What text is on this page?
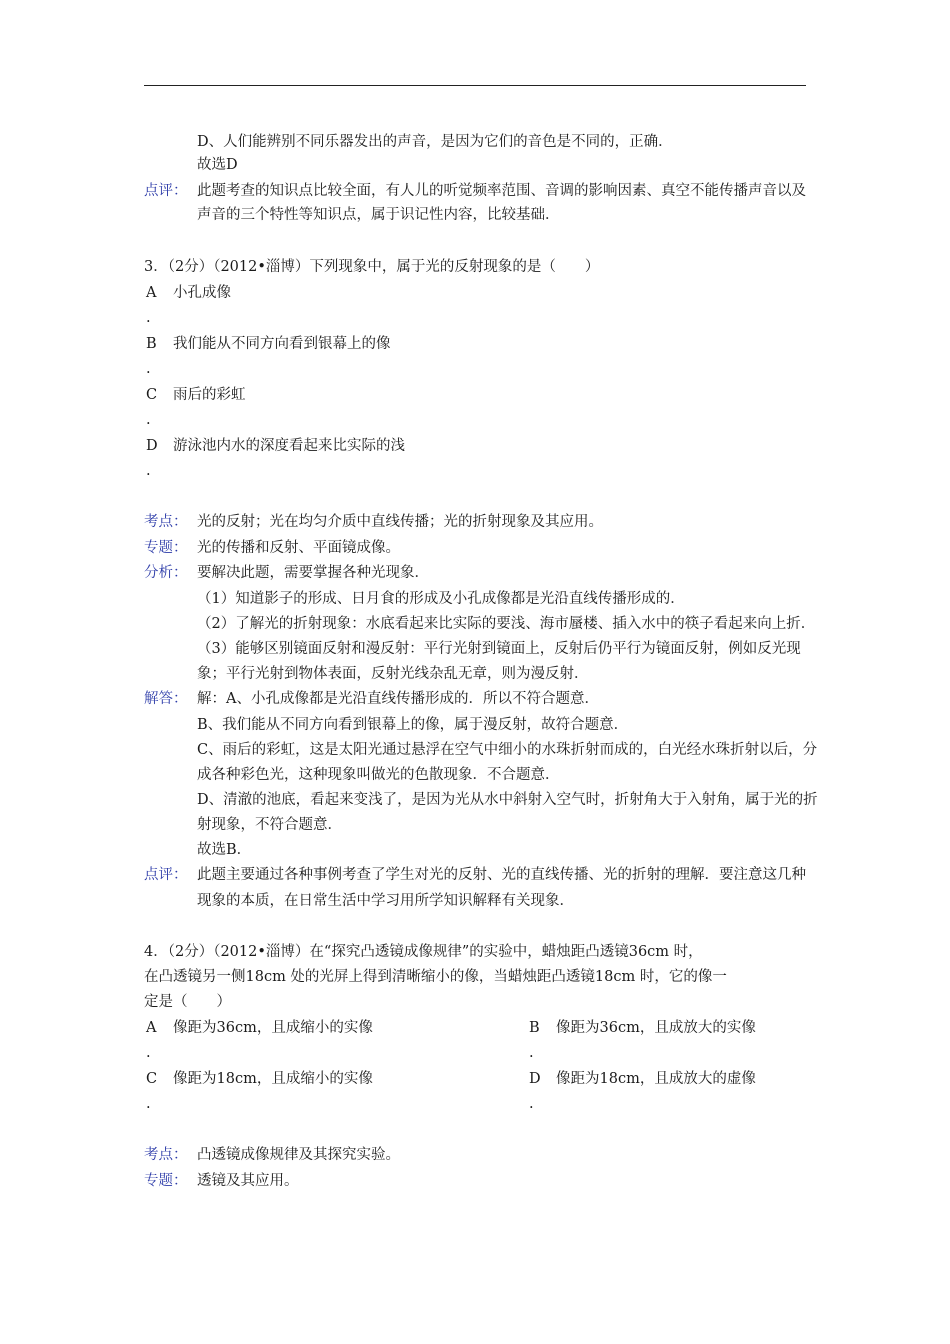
D、人们能辨别不同乐器发出的声音，是因为它们的音色是不同的，正确．
故选D
点评： 此题考查的知识点比较全面，有人儿的听觉频率范围、音调的影响因素、真空不能传播声音以及
声音的三个特性等知识点，属于识记性内容，比较基础．
3．（2分）（2012•淄博）下列现象中，属于光的反射现象的是（　　）
A 小孔成像
.
B 我们能从不同方向看到银幕上的像
.
C 雨后的彩虹
.
D 游泳池内水的深度看起来比实际的浅
.
考点： 光的反射；光在均匀介质中直线传播；光的折射现象及其应用。
专题： 光的传播和反射、平面镜成像。
分析： 要解决此题，需要掌握各种光现象．
（1）知道影子的形成、日月食的形成及小孔成像都是光沿直线传播形成的．
（2）了解光的折射现象：水底看起来比实际的要浅、海市蜃楼、插入水中的筷子看起来向上折．
（3）能够区别镜面反射和漫反射：平行光射到镜面上，反射后仍平行为镜面反射，例如反光现
象；平行光射到物体表面，反射光线杂乱无章，则为漫反射．
解答： 解：A、小孔成像都是光沿直线传播形成的．所以不符合题意．
B、我们能从不同方向看到银幕上的像，属于漫反射，故符合题意．
C、雨后的彩虹，这是太阳光通过悬浮在空气中细小的水珠折射而成的，白光经水珠折射以后，分
成各种彩色光，这种现象叫做光的色散现象．不合题意．
D、清澈的池底，看起来变浅了，是因为光从水中斜射入空气时，折射角大于入射角，属于光的折
射现象，不符合题意．
故选B．
点评： 此题主要通过各种事例考查了学生对光的反射、光的直线传播、光的折射的理解．要注意这几种
现象的本质，在日常生活中学习用所学知识解释有关现象．
4．（2分）（2012•淄博）在“探究凸透镜成像规律”的实验中，蜡烛距凸透镜36cm 时，
在凸透镜另一侧18cm 处的光屏上得到清晰缩小的像，当蜡烛距凸透镜18cm 时，它的像一
定是（　　）
A 像距为36cm，且成缩小的实像
.
B 像距为36cm，且成放大的实像
.
C 像距为18cm，且成缩小的实像
.
D 像距为18cm，且成放大的虚像
.
考点： 凸透镜成像规律及其探究实验。
专题： 透镜及其应用。
